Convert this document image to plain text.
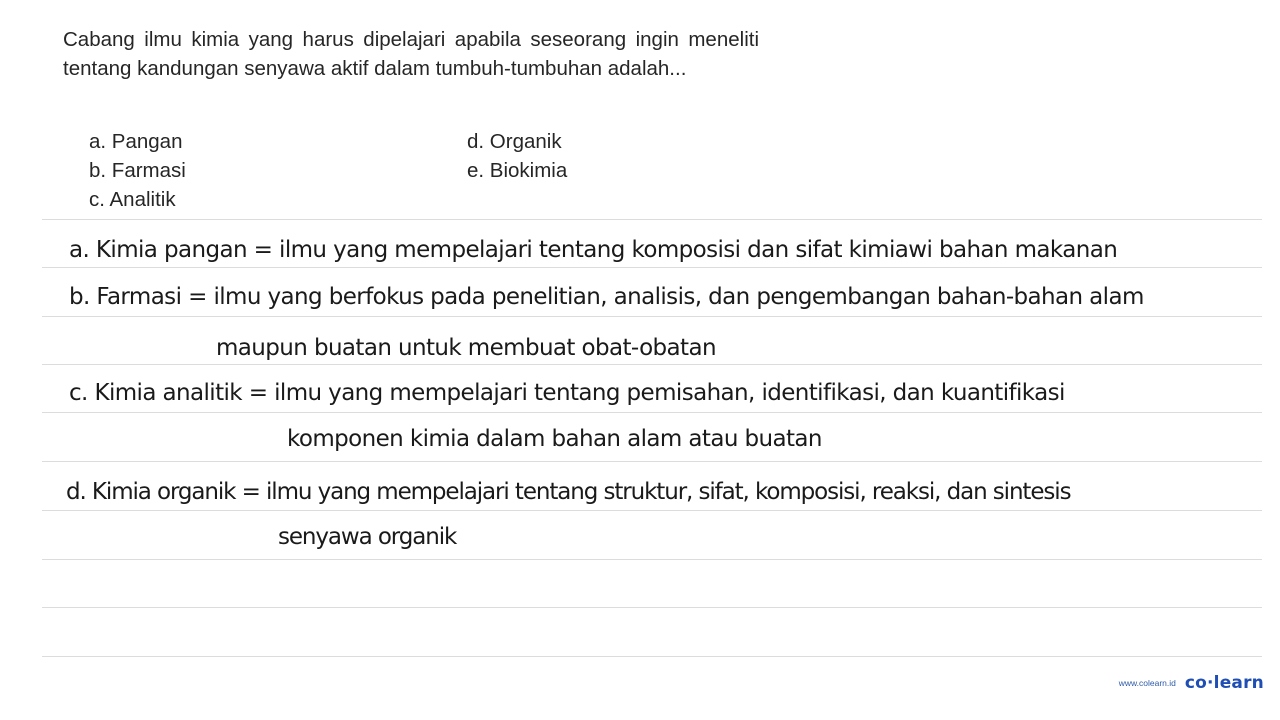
Cabang ilmu kimia yang harus dipelajari apabila seseorang ingin meneliti tentang kandungan senyawa aktif dalam tumbuh-tumbuhan adalah...
a. Pangan
b. Farmasi
c. Analitik
d. Organik
e. Biokimia
a. Kimia pangan = ilmu yang mempelajari tentang komposisi dan sifat kimiawi bahan makanan
b. Farmasi = ilmu yang berfokus pada penelitian, analisis, dan pengembangan bahan-bahan alam
maupun buatan untuk membuat obat-obatan
c. Kimia analitik = ilmu yang mempelajari tentang pemisahan, identifikasi, dan kuantifikasi
komponen kimia dalam bahan alam atau buatan
d. Kimia organik = ilmu yang mempelajari tentang struktur, sifat, komposisi, reaksi, dan sintesis
senyawa organik
www.colearn.id co·learn
